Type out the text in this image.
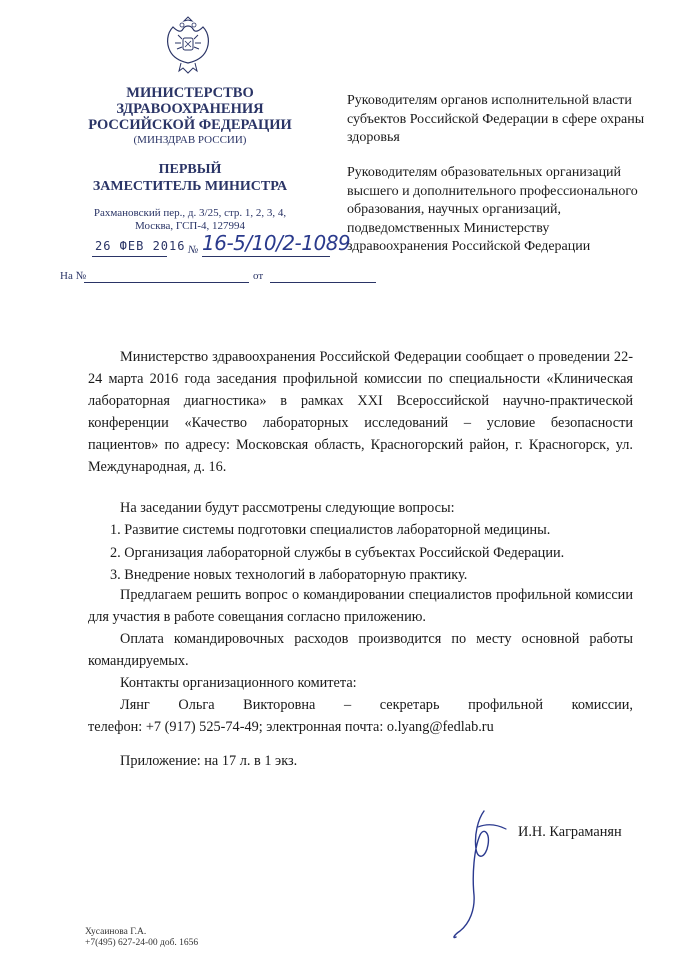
МИНИСТЕРСТВО
ЗДРАВООХРАНЕНИЯ
РОССИЙСКОЙ ФЕДЕРАЦИИ
(МИНЗДРАВ РОССИИ)
ПЕРВЫЙ
ЗАМЕСТИТЕЛЬ МИНИСТРА
Рахмановский пер., д. 3/25, стр. 1, 2, 3, 4,
Москва, ГСП-4, 127994
26 ФЕВ 2016 № 16-5/10/2-1089
На №	от
Руководителям органов исполнительной власти субъектов Российской Федерации в сфере охраны здоровья
Руководителям образовательных организаций высшего и дополнительного профессионального образования, научных организаций, подведомственных Министерству здравоохранения Российской Федерации
Министерство здравоохранения Российской Федерации сообщает о проведении 22-24 марта 2016 года заседания профильной комиссии по специальности «Клиническая лабораторная диагностика» в рамках XXI Всероссийской научно-практической конференции «Качество лабораторных исследований – условие безопасности пациентов» по адресу: Московская область, Красногорский район, г. Красногорск, ул. Международная, д. 16.
На заседании будут рассмотрены следующие вопросы:
1. Развитие системы подготовки специалистов лабораторной медицины.
2. Организация лабораторной службы в субъектах Российской Федерации.
3. Внедрение новых технологий в лабораторную практику.
Предлагаем решить вопрос о командировании специалистов профильной комиссии для участия в работе совещания согласно приложению.
Оплата командировочных расходов производится по месту основной работы командируемых.
Контакты организационного комитета:
Лянг Ольга Викторовна – секретарь профильной комиссии,
телефон: +7 (917) 525-74-49; электронная почта: o.lyang@fedlab.ru
Приложение: на 17 л. в 1 экз.
И.Н. Каграманян
Хусаинова Г.А.
+7(495) 627-24-00 доб. 1656
